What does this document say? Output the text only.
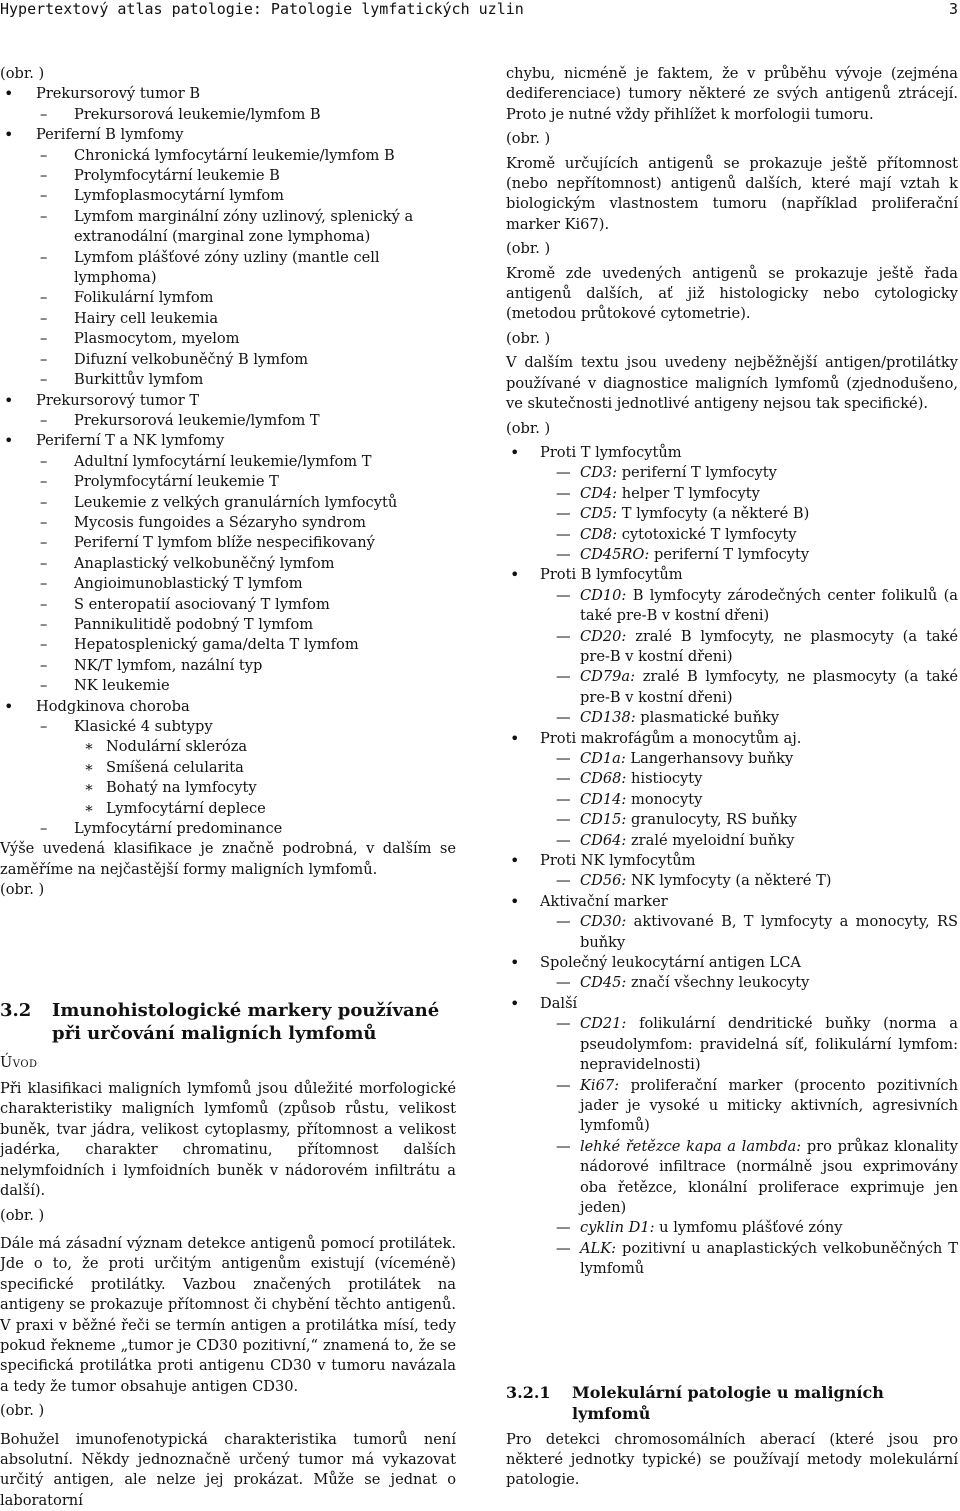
Hypertextový atlas patologie: Patologie lymfatických uzlin	3

(obr. )

• Prekursorový tumor B
– Prekursorová leukemie/lymfom B
• Periferní B lymfomy
– Chronická lymfocytární leukemie/lymfom B
– Prolymfocytární leukemie B
– Lymfoplasmocytární lymfom
– Lymfom marginální zóny uzlinový, splenický a extranodální (marginal zone lymphoma)
– Lymfom plášťové zóny uzliny (mantle cell lymphoma)
– Folikulární lymfom
– Hairy cell leukemia
– Plasmocytom, myelom
– Difuzní velkobuněčný B lymfom
– Burkittův lymfom
• Prekursorový tumor T
– Prekursorová leukemie/lymfom T
• Periferní T a NK lymfomy
– Adultní lymfocytární leukemie/lymfom T
– Prolymfocytární leukemie T
– Leukemie z velkých granulárních lymfocytů
– Mycosis fungoides a Sézaryho syndrom
– Periferní T lymfom blíže nespecifikovaný
– Anaplastický velkobuněčný lymfom
– Angioimunoblastický T lymfom
– S enteropatií asociovaný T lymfom
– Pannikulitidě podobný T lymfom
– Hepatosplenický gama/delta T lymfom
– NK/T lymfom, nazální typ
– NK leukemie
• Hodgkinova choroba
– Klasické 4 subtypy
∗ Nodulární skleróza
∗ Smíšená celularita
∗ Bohatý na lymfocyty
∗ Lymfocytární deplece
– Lymfocytární predominance

Výše uvedená klasifikace je značně podrobná, v dalším se zaměříme na nejčastější formy maligních lymfomů.

(obr. )

3.2 Imunohistologické markery používané při určování maligních lymfomů

Úvod

Při klasifikaci maligních lymfomů jsou důležité morfologické charakteristiky maligních lymfomů (způsob růstu, velikost buněk, tvar jádra, velikost cytoplasmy, přítomnost a velikost jadérka, charakter chromatinu, přítomnost dalších nelymfoidních i lymfoidních buněk v nádorovém infiltrátu a další).

(obr. )

Dále má zásadní význam detekce antigenů pomocí protilátek. Jde o to, že proti určitým antigenům existují (víceméně) specifické protilátky. Vazbou značených protilátek na antigeny se prokazuje přítomnost či chybění těchto antigenů. V praxi v běžné řeči se termín antigen a protilátka mísí, tedy pokud řekneme „tumor je CD30 pozitivní,“ znamená to, že se specifická protilátka proti antigenu CD30 v tumoru navázala a tedy že tumor obsahuje antigen CD30.

(obr. )

Bohužel imunofenotypická charakteristika tumorů není absolutní. Někdy jednoznačně určený tumor má vykazovat určitý antigen, ale nelze jej prokázat. Může se jednat o laboratorní

chybu, nicméně je faktem, že v průběhu vývoje (zejména dediferenciace) tumory některé ze svých antigenů ztrácejí. Proto je nutné vždy přihlížet k morfologii tumoru.

(obr. )

Kromě určujících antigenů se prokazuje ještě přítomnost (nebo nepřítomnost) antigenů dalších, které mají vztah k biologickým vlastnostem tumoru (například proliferační marker Ki67).

(obr. )

Kromě zde uvedených antigenů se prokazuje ještě řada antigenů dalších, ať již histologicky nebo cytologicky (metodou průtokové cytometrie).

(obr. )

V dalším textu jsou uvedeny nejběžnější antigen/protilátky používané v diagnostice maligních lymfomů (zjednodušeno, ve skutečnosti jednotlivé antigeny nejsou tak specifické).

(obr. )

• Proti T lymfocytům
— CD3: periferní T lymfocyty
— CD4: helper T lymfocyty
— CD5: T lymfocyty (a některé B)
— CD8: cytotoxické T lymfocyty
— CD45RO: periferní T lymfocyty
• Proti B lymfocytům
— CD10: B lymfocyty zárodečných center folikulů (a také pre-B v kostní dřeni)
— CD20: zralé B lymfocyty, ne plasmocyty (a také pre-B v kostní dřeni)
— CD79a: zralé B lymfocyty, ne plasmocyty (a také pre-B v kostní dřeni)
— CD138: plasmatické buňky
• Proti makrofágům a monocytům aj.
— CD1a: Langerhansovy buňky
— CD68: histiocyty
— CD14: monocyty
— CD15: granulocyty, RS buňky
— CD64: zralé myeloidní buňky
• Proti NK lymfocytům
— CD56: NK lymfocyty (a některé T)
• Aktivační marker
— CD30: aktivované B, T lymfocyty a monocyty, RS buňky
• Společný leukocytární antigen LCA
— CD45: značí všechny leukocyty
• Další
— CD21: folikulární dendritické buňky (norma a pseudolymfom: pravidelná síť, folikulární lymfom: nepravidelnosti)
— Ki67: proliferační marker (procento pozitivních jader je vysoké u miticky aktivních, agresivních lymfomů)
— lehké řetězce kapa a lambda: pro průkaz klonality nádorové infiltrace (normálně jsou exprimovány oba řetězce, klonální proliferace exprimuje jen jeden)
— cyklin D1: u lymfomu plášťové zóny
— ALK: pozitivní u anaplastických velkobuněčných T lymfomů
3.2.1 Molekulární patologie u maligních lymfomů

Pro detekci chromosomálních aberací (které jsou pro některé jednotky typické) se používají metody molekulární patologie.
